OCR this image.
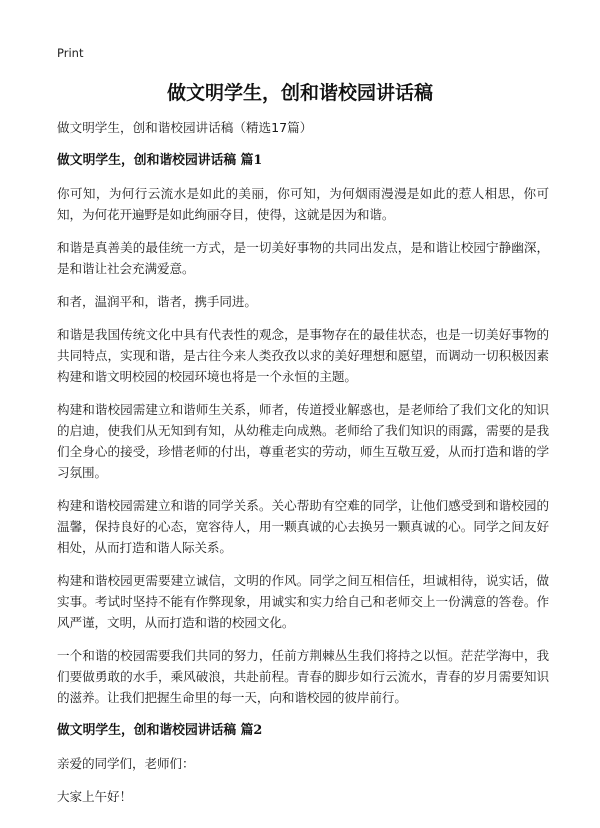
Print
做文明学生，创和谐校园讲话稿
做文明学生，创和谐校园讲话稿（精选17篇）
做文明学生，创和谐校园讲话稿 篇1

你可知，为何行云流水是如此的美丽，你可知，为何烟雨漫漫是如此的惹人相思，你可知，为何花开遍野是如此绚丽夺目，使得，这就是因为和谐。

和谐是真善美的最佳统一方式，是一切美好事物的共同出发点，是和谐让校园宁静幽深，是和谐让社会充满爱意。

和者，温润平和，谐者，携手同进。

和谐是我国传统文化中具有代表性的观念，是事物存在的最佳状态，也是一切美好事物的共同特点，实现和谐，是古往今来人类孜孜以求的美好理想和愿望，而调动一切积极因素构建和谐文明校园的校园环境也将是一个永恒的主题。

构建和谐校园需建立和谐师生关系，师者，传道授业解惑也，是老师给了我们文化的知识的启迪，使我们从无知到有知，从幼稚走向成熟。老师给了我们知识的雨露，需要的是我们全身心的接受，珍惜老师的付出，尊重老实的劳动，师生互敬互爱，从而打造和谐的学习氛围。

构建和谐校园需建立和谐的同学关系。关心帮助有空难的同学，让他们感受到和谐校园的温馨，保持良好的心态，宽容待人，用一颗真诚的心去换另一颗真诚的心。同学之间友好相处，从而打造和谐人际关系。

构建和谐校园更需要建立诚信，文明的作风。同学之间互相信任，坦诚相待，说实话，做实事。考试时坚持不能有作弊现象，用诚实和实力给自己和老师交上一份满意的答卷。作风严谨，文明，从而打造和谐的校园文化。

一个和谐的校园需要我们共同的努力，任前方荆棘丛生我们将持之以恒。茫茫学海中，我们要做勇敢的水手，乘风破浪，共赴前程。青春的脚步如行云流水，青春的岁月需要知识的滋养。让我们把握生命里的每一天，向和谐校园的彼岸前行。

做文明学生，创和谐校园讲话稿 篇2

亲爱的同学们，老师们：

大家上午好！
